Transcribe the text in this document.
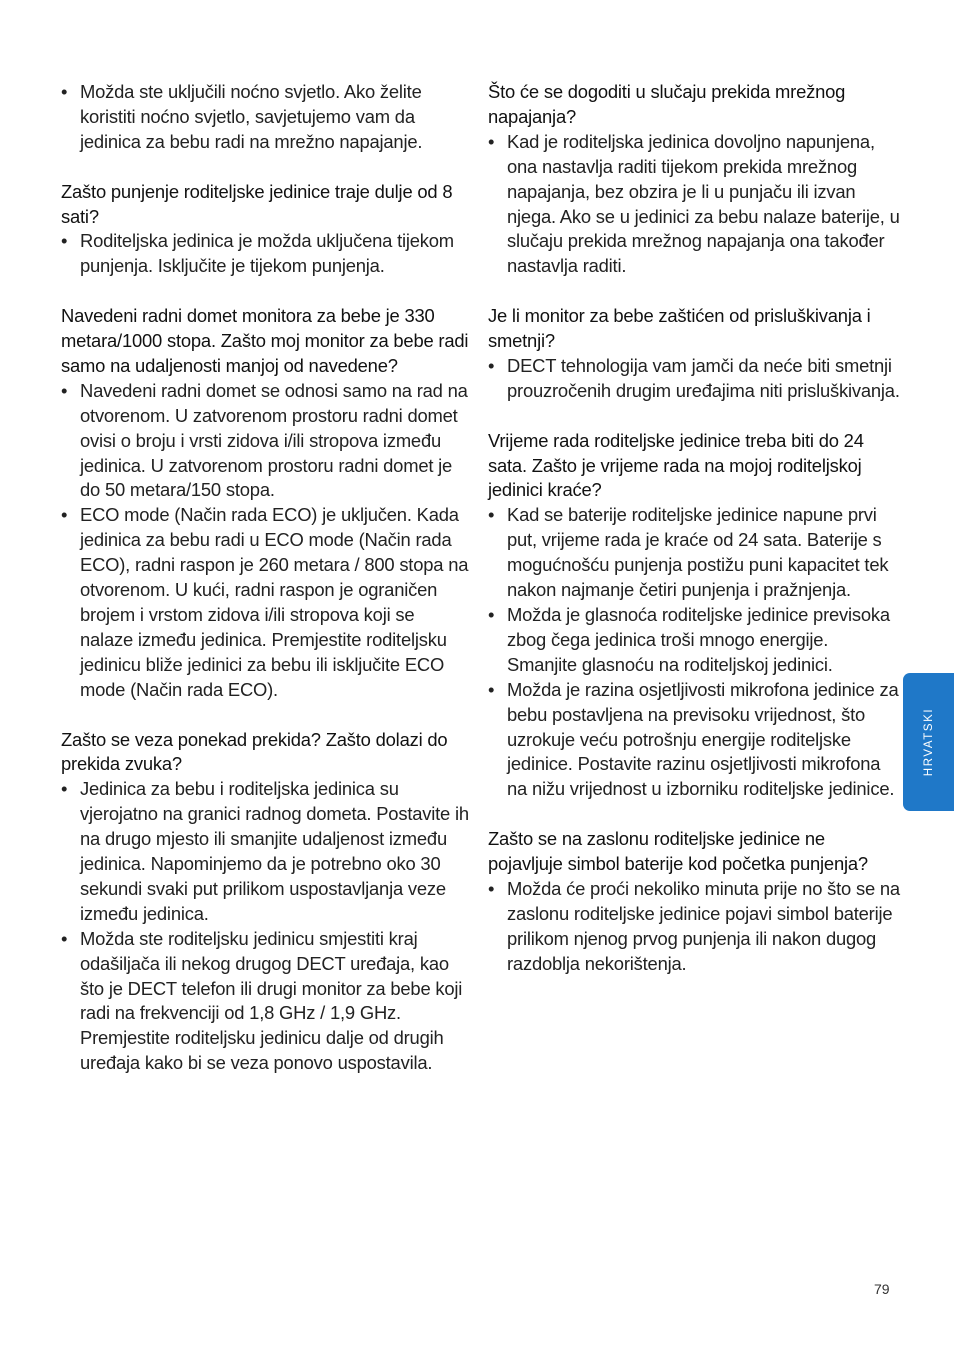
• Možda ste uključili noćno svjetlo. Ako želite koristiti noćno svjetlo, savjetujemo vam da jedinica za bebu radi na mrežno napajanje.

Zašto punjenje roditeljske jedinice traje dulje od 8 sati?

• Roditeljska jedinica je možda uključena tijekom punjenja. Isključite je tijekom punjenja.

Navedeni radni domet monitora za bebe je 330 metara/1000 stopa. Zašto moj monitor za bebe radi samo na udaljenosti manjoj od navedene?

• Navedeni radni domet se odnosi samo na rad na otvorenom. U zatvorenom prostoru radni domet ovisi o broju i vrsti zidova i/ili stropova između jedinica. U zatvorenom prostoru radni domet je do 50 metara/150 stopa.
• ECO mode (Način rada ECO) je uključen. Kada jedinica za bebu radi u ECO mode (Način rada ECO), radni raspon je 260 metara / 800 stopa na otvorenom. U kući, radni raspon je ograničen brojem i vrstom zidova i/ili stropova koji se nalaze između jedinica. Premjestite roditeljsku jedinicu bliže jedinici za bebu ili isključite ECO mode (Način rada ECO).

Zašto se veza ponekad prekida? Zašto dolazi do prekida zvuka?

• Jedinica za bebu i roditeljska jedinica su vjerojatno na granici radnog dometa. Postavite ih na drugo mjesto ili smanjite udaljenost između jedinica. Napominjemo da je potrebno oko 30 sekundi svaki put prilikom uspostavljanja veze između jedinica.
• Možda ste roditeljsku jedinicu smjestiti kraj odašiljača ili nekog drugog DECT uređaja, kao što je DECT telefon ili drugi monitor za bebe koji radi na frekvenciji od 1,8 GHz / 1,9 GHz. Premjestite roditeljsku jedinicu dalje od drugih uređaja kako bi se veza ponovo uspostavila.

Što će se dogoditi u slučaju prekida mrežnog napajanja?

• Kad je roditeljska jedinica dovoljno napunjena, ona nastavlja raditi tijekom prekida mrežnog napajanja, bez obzira je li u punjaču ili izvan njega. Ako se u jedinici za bebu nalaze baterije, u slučaju prekida mrežnog napajanja ona također nastavlja raditi.

Je li monitor za bebe zaštićen od prisluškivanja i smetnji?

• DECT tehnologija vam jamči da neće biti smetnji prouzročenih drugim uređajima niti prisluškivanja.

Vrijeme rada roditeljske jedinice treba biti do 24 sata. Zašto je vrijeme rada na mojoj roditeljskoj jedinici kraće?

• Kad se baterije roditeljske jedinice napune prvi put, vrijeme rada je kraće od 24 sata. Baterije s mogućnošću punjenja postižu puni kapacitet tek nakon najmanje četiri punjenja i pražnjenja.
• Možda je glasnoća roditeljske jedinice previsoka zbog čega jedinica troši mnogo energije. Smanjite glasnoću na roditeljskoj jedinici.
• Možda je razina osjetljivosti mikrofona jedinice za bebu postavljena na previsoku vrijednost, što uzrokuje veću potrošnju energije roditeljske jedinice. Postavite razinu osjetljivosti mikrofona na nižu vrijednost u izborniku roditeljske jedinice.

Zašto se na zaslonu roditeljske jedinice ne pojavljuje simbol baterije kod početka punjenja?

• Možda će proći nekoliko minuta prije no što se na zaslonu roditeljske jedinice pojavi simbol baterije prilikom njenog prvog punjenja ili nakon dugog razdoblja nekorištenja.
HRVATSKI
79
